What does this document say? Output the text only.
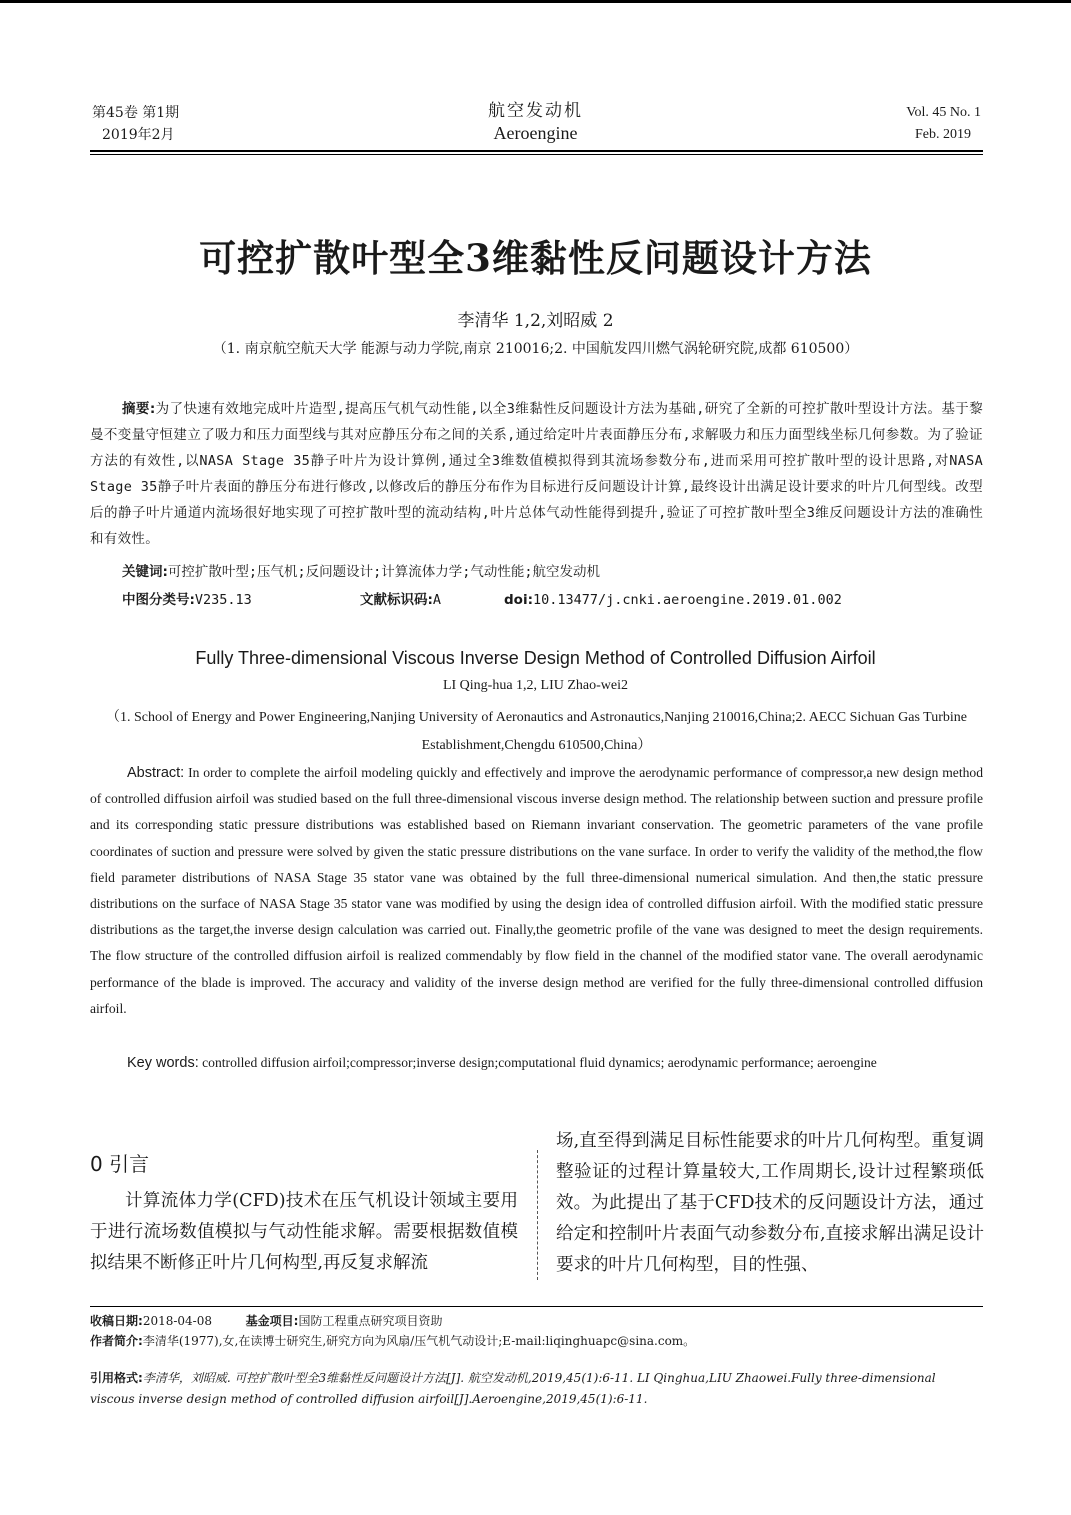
第45卷 第1期
2019年2月
航空发动机
Aeroengine
Vol. 45 No. 1
Feb. 2019
可控扩散叶型全3维黏性反问题设计方法
李清华 1,2,刘昭威 2
（1. 南京航空航天大学 能源与动力学院,南京 210016;2. 中国航发四川燃气涡轮研究院,成都 610500）
摘要:为了快速有效地完成叶片造型,提高压气机气动性能,以全3维黏性反问题设计方法为基础,研究了全新的可控扩散叶型设计方法。基于黎曼不变量守恒建立了吸力和压力面型线与其对应静压分布之间的关系,通过给定叶片表面静压分布,求解吸力和压力面型线坐标几何参数。为了验证方法的有效性,以NASA Stage 35静子叶片为设计算例,通过全3维数值模拟得到其流场参数分布,进而采用可控扩散叶型的设计思路,对NASA Stage 35静子叶片表面的静压分布进行修改,以修改后的静压分布作为目标进行反问题设计计算,最终设计出满足设计要求的叶片几何型线。改型后的静子叶片通道内流场很好地实现了可控扩散叶型的流动结构,叶片总体气动性能得到提升,验证了可控扩散叶型全3维反问题设计方法的准确性和有效性。
关键词:可控扩散叶型;压气机;反问题设计;计算流体力学;气动性能;航空发动机
中图分类号:V235.13	文献标识码:A	doi:10.13477/j.cnki.aeroengine.2019.01.002
Fully Three-dimensional Viscous Inverse Design Method of Controlled Diffusion Airfoil
LI Qing-hua 1,2, LIU Zhao-wei2
（1. School of Energy and Power Engineering,Nanjing University of Aeronautics and Astronautics,Nanjing 210016,China;2. AECC Sichuan Gas Turbine Establishment,Chengdu 610500,China）
Abstract: In order to complete the airfoil modeling quickly and effectively and improve the aerodynamic performance of compressor,a new design method of controlled diffusion airfoil was studied based on the full three-dimensional viscous inverse design method. The relationship between suction and pressure profile and its corresponding static pressure distributions was established based on Riemann invariant conservation. The geometric parameters of the vane profile coordinates of suction and pressure were solved by given the static pressure distributions on the vane surface. In order to verify the validity of the method,the flow field parameter distributions of NASA Stage 35 stator vane was obtained by the full three-dimensional numerical simulation. And then,the static pressure distributions on the surface of NASA Stage 35 stator vane was modified by using the design idea of controlled diffusion airfoil. With the modified static pressure distributions as the target,the inverse design calculation was carried out. Finally,the geometric profile of the vane was designed to meet the design requirements. The flow structure of the controlled diffusion airfoil is realized commendably by flow field in the channel of the modified stator vane. The overall aerodynamic performance of the blade is improved. The accuracy and validity of the inverse design method are verified for the fully three-dimensional controlled diffusion airfoil.
Key words: controlled diffusion airfoil;compressor;inverse design;computational fluid dynamics; aerodynamic performance; aeroengine
0 引言
计算流体力学(CFD)技术在压气机设计领域主要用于进行流场数值模拟与气动性能求解。需要根据数值模拟结果不断修正叶片几何构型,再反复求解流
场,直至得到满足目标性能要求的叶片几何构型。重复调整验证的过程计算量较大,工作周期长,设计过程繁琐低效。为此提出了基于CFD技术的反问题设计方法，通过给定和控制叶片表面气动参数分布,直接求解出满足设计要求的叶片几何构型，目的性强、
收稿日期:2018-04-08	基金项目:国防工程重点研究项目资助
作者简介:李清华(1977),女,在读博士研究生,研究方向为风扇/压气机气动设计;E-mail:liqinghuapc@sina.com。
引用格式:李清华，刘昭威. 可控扩散叶型全3维黏性反问题设计方法[J]. 航空发动机,2019,45(1):6-11. LI Qinghua,LIU Zhaowei.Fully three-dimensional viscous inverse design method of controlled diffusion airfoil[J].Aeroengine,2019,45(1):6-11.
